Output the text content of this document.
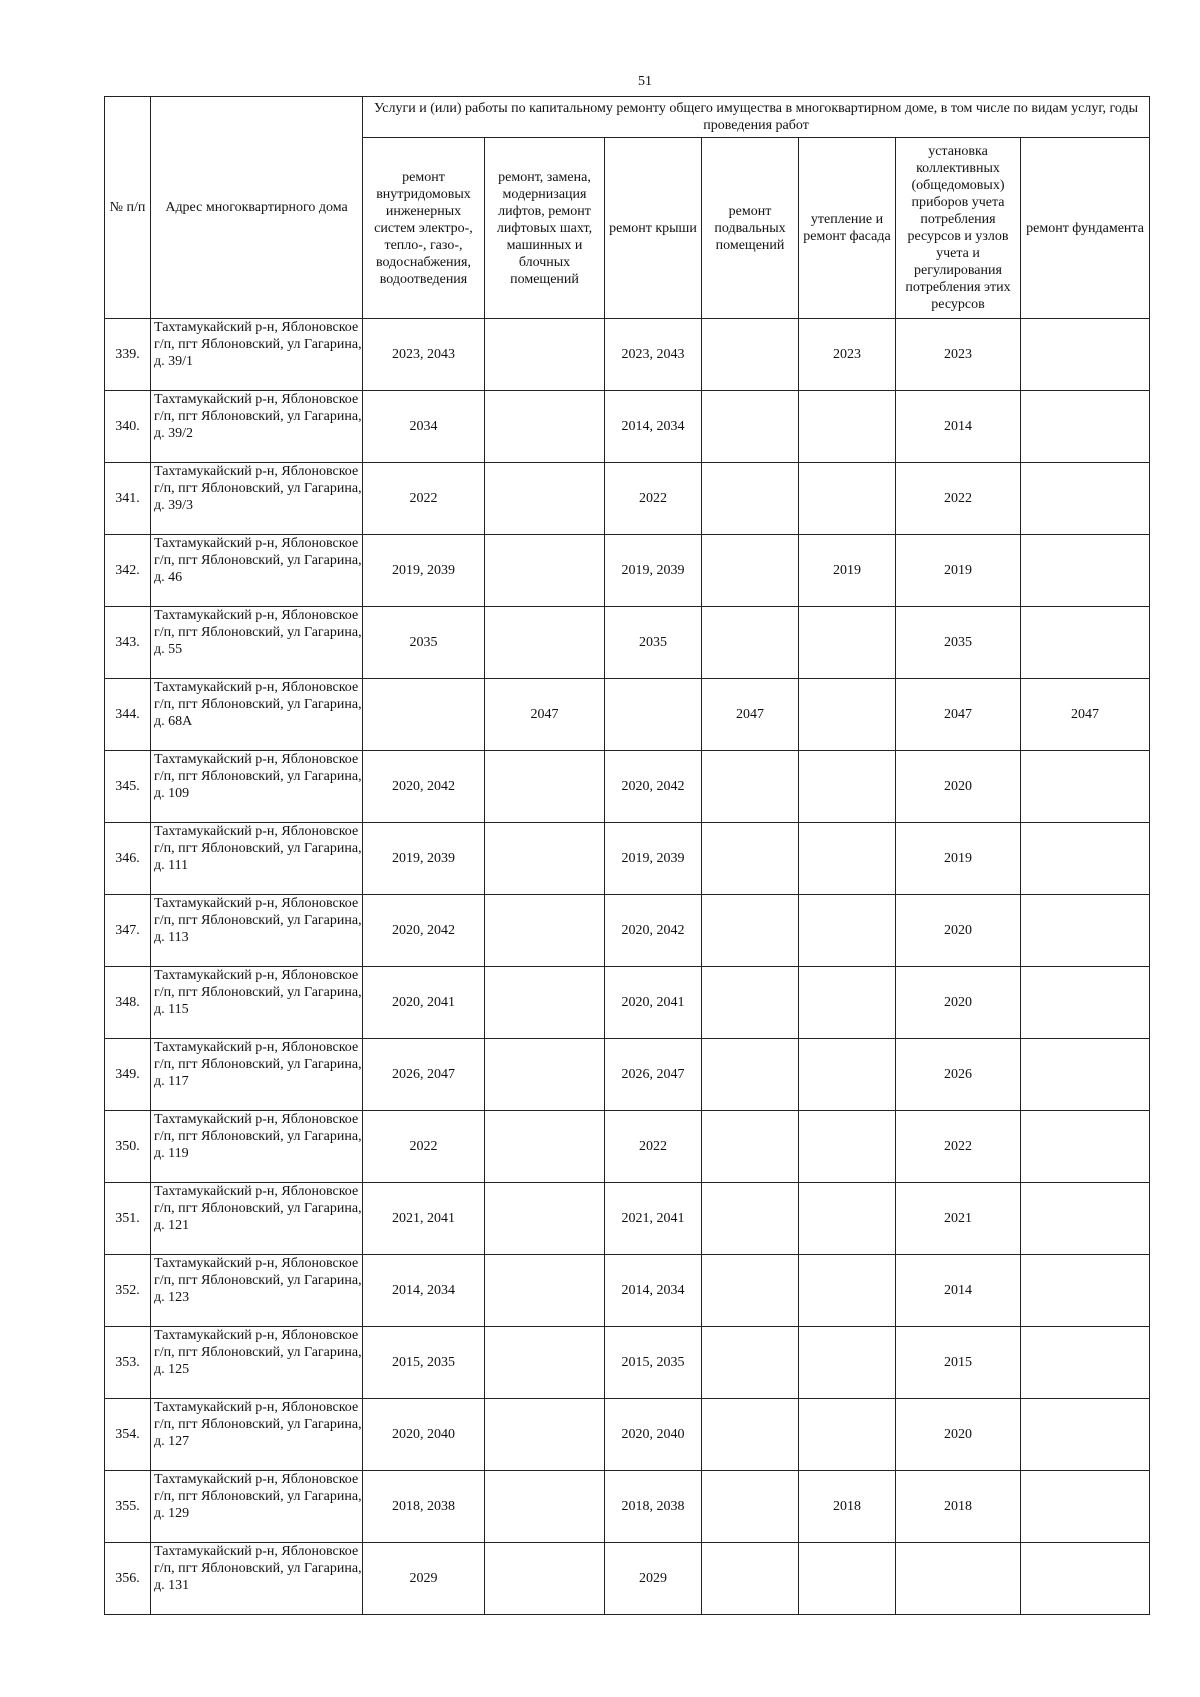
51
№ п/п	Адрес многоквартирного дома	Услуги и (или) работы по капитальному ремонту общего имущества в многоквартирном доме, в том числе по видам услуг, годы проведения работ						
		ремонт внутридомовых инженерных систем электро-, тепло-, газо-, водоснабжения, водоотведения	ремонт, замена, модернизация лифтов, ремонт лифтовых шахт, машинных и блочных помещений	ремонт крыши	ремонт подвальных помещений	утепление и ремонт фасада	установка коллективных (общедомовых) приборов учета потребления ресурсов и узлов учета и регулирования потребления этих ресурсов	ремонт фундамента
339.	Тахтамукайский р-н, Яблоновское г/п, пгт Яблоновский, ул Гагарина, д. 39/1	2023, 2043		2023, 2043		2023	2023	
340.	Тахтамукайский р-н, Яблоновское г/п, пгт Яблоновский, ул Гагарина, д. 39/2	2034		2014, 2034			2014	
341.	Тахтамукайский р-н, Яблоновское г/п, пгт Яблоновский, ул Гагарина, д. 39/3	2022		2022			2022	
342.	Тахтамукайский р-н, Яблоновское г/п, пгт Яблоновский, ул Гагарина, д. 46	2019, 2039		2019, 2039		2019	2019	
343.	Тахтамукайский р-н, Яблоновское г/п, пгт Яблоновский, ул Гагарина, д. 55	2035		2035			2035	
344.	Тахтамукайский р-н, Яблоновское г/п, пгт Яблоновский, ул Гагарина, д. 68А		2047		2047		2047	2047
345.	Тахтамукайский р-н, Яблоновское г/п, пгт Яблоновский, ул Гагарина, д. 109	2020, 2042		2020, 2042			2020	
346.	Тахтамукайский р-н, Яблоновское г/п, пгт Яблоновский, ул Гагарина, д. 111	2019, 2039		2019, 2039			2019	
347.	Тахтамукайский р-н, Яблоновское г/п, пгт Яблоновский, ул Гагарина, д. 113	2020, 2042		2020, 2042			2020	
348.	Тахтамукайский р-н, Яблоновское г/п, пгт Яблоновский, ул Гагарина, д. 115	2020, 2041		2020, 2041			2020	
349.	Тахтамукайский р-н, Яблоновское г/п, пгт Яблоновский, ул Гагарина, д. 117	2026, 2047		2026, 2047			2026	
350.	Тахтамукайский р-н, Яблоновское г/п, пгт Яблоновский, ул Гагарина, д. 119	2022		2022			2022	
351.	Тахтамукайский р-н, Яблоновское г/п, пгт Яблоновский, ул Гагарина, д. 121	2021, 2041		2021, 2041			2021	
352.	Тахтамукайский р-н, Яблоновское г/п, пгт Яблоновский, ул Гагарина, д. 123	2014, 2034		2014, 2034			2014	
353.	Тахтамукайский р-н, Яблоновское г/п, пгт Яблоновский, ул Гагарина, д. 125	2015, 2035		2015, 2035			2015	
354.	Тахтамукайский р-н, Яблоновское г/п, пгт Яблоновский, ул Гагарина, д. 127	2020, 2040		2020, 2040			2020	
355.	Тахтамукайский р-н, Яблоновское г/п, пгт Яблоновский, ул Гагарина, д. 129	2018, 2038		2018, 2038		2018	2018	
356.	Тахтамукайский р-н, Яблоновское г/п, пгт Яблоновский, ул Гагарина, д. 131	2029		2029				
